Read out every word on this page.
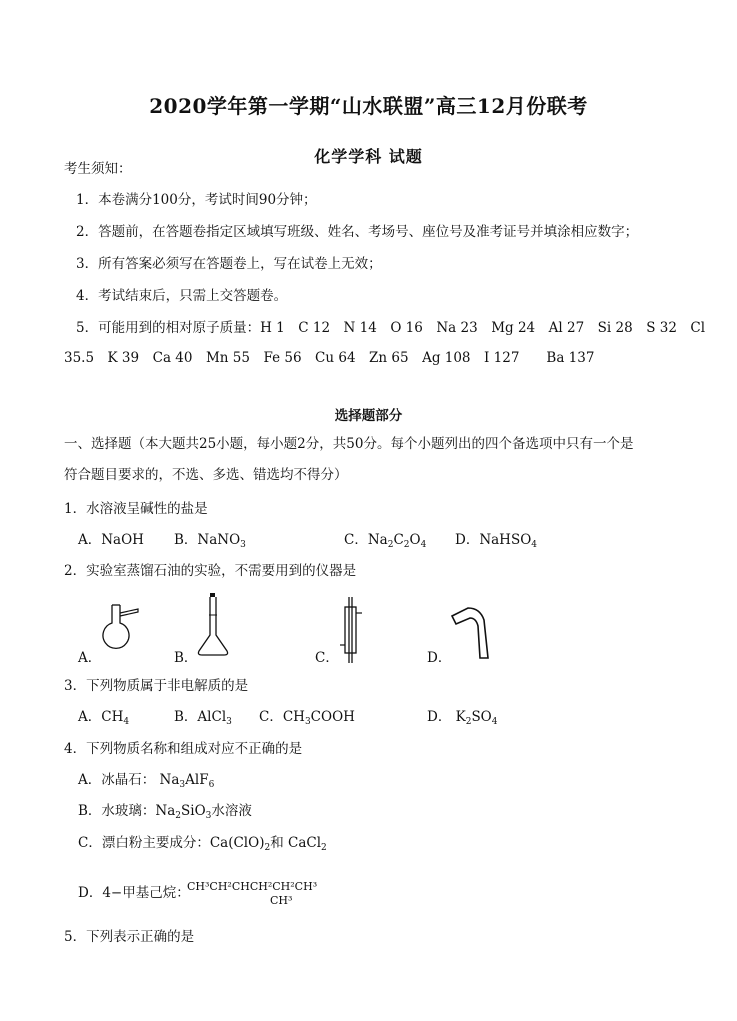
2020学年第一学期“山水联盟”高三12月份联考
化学学科 试题
考生须知：
1．本卷满分100分，考试时间90分钟；
2．答题前，在答题卷指定区域填写班级、姓名、考场号、座位号及准考证号并填涂相应数字；
3．所有答案必须写在答题卷上，写在试卷上无效；
4．考试结束后，只需上交答题卷。
5．可能用到的相对原子质量：H 1　C 12　N 14　O 16　Na 23　Mg 24　Al 27　Si 28　S 32　Cl
35.5　K 39　Ca 40　Mn 55　Fe 56　Cu 64　Zn 65　Ag 108　I 127　　Ba 137
选择题部分
一、选择题（本大题共25小题，每小题2分，共50分。每个小题列出的四个备选项中只有一个是
符合题目要求的，不选、多选、错选均不得分）
1．水溶液呈碱性的盐是
A．NaOH B．NaNO$_3$	C．$Na_2C_2O_4$ D．NaHSO$_4$
2．实验室蒸馏石油的实验，不需要用到的仪器是
A．	B．	C．	D．
3．下列物质属于非电解质的是
A．$CH_4$	B．AlCl$_3$ C．$CH_3COOH$	D． $K_2SO_4$
4．下列物质名称和组成对应不正确的是
A．冰晶石： $Na_3AlF_6$
B．水玻璃：$Na_2SiO_3$水溶液
C．漂白粉主要成分：$Ca(ClO)_2$和 CaCl$_2$
D．4−甲基己烷：
CH³CH²CHCH²CH²CH³
CH³
5．下列表示正确的是
